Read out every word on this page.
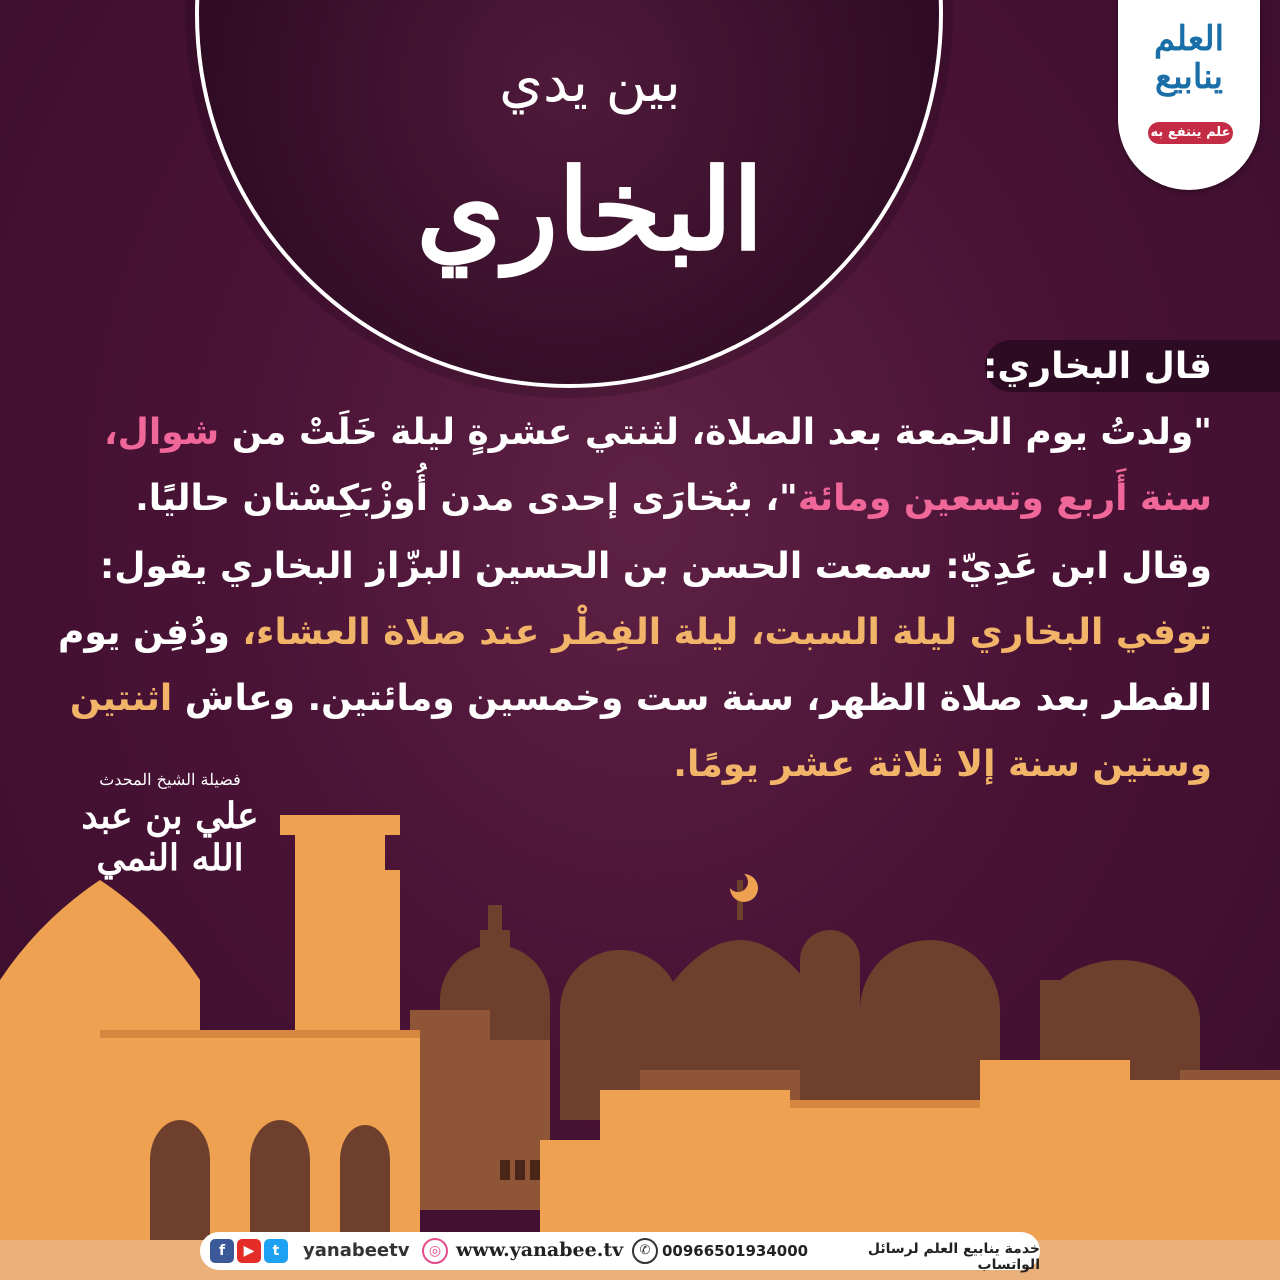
بين يدي
البخاري
العلم
ينابيع
علم ينتفع به
قال البخاري:
"ولدتُ يوم الجمعة بعد الصلاة، لثنتي عشرةٍ ليلة خَلَتْ من شوال،
سنة أَربع وتسعين ومائة"، ببُخارَى إحدى مدن أُوزْبَكِسْتان حاليًا.
وقال ابن عَدِيّ: سمعت الحسن بن الحسين البزّاز البخاري يقول:
توفي البخاري ليلة السبت، ليلة الفِطْر عند صلاة العشاء، ودُفِن يوم
الفطر بعد صلاة الظهر، سنة ست وخمسين ومائتين. وعاش اثنتين
وستين سنة إلا ثلاثة عشر يومًا.
فضيلة الشيخ المحدث
علي بن عبد الله النمي
f ▶ t	yanabeetv	◎ www.yanabee.tv	✆ 00966501934000	خدمة ينابيع العلم لرسائل الواتساب
